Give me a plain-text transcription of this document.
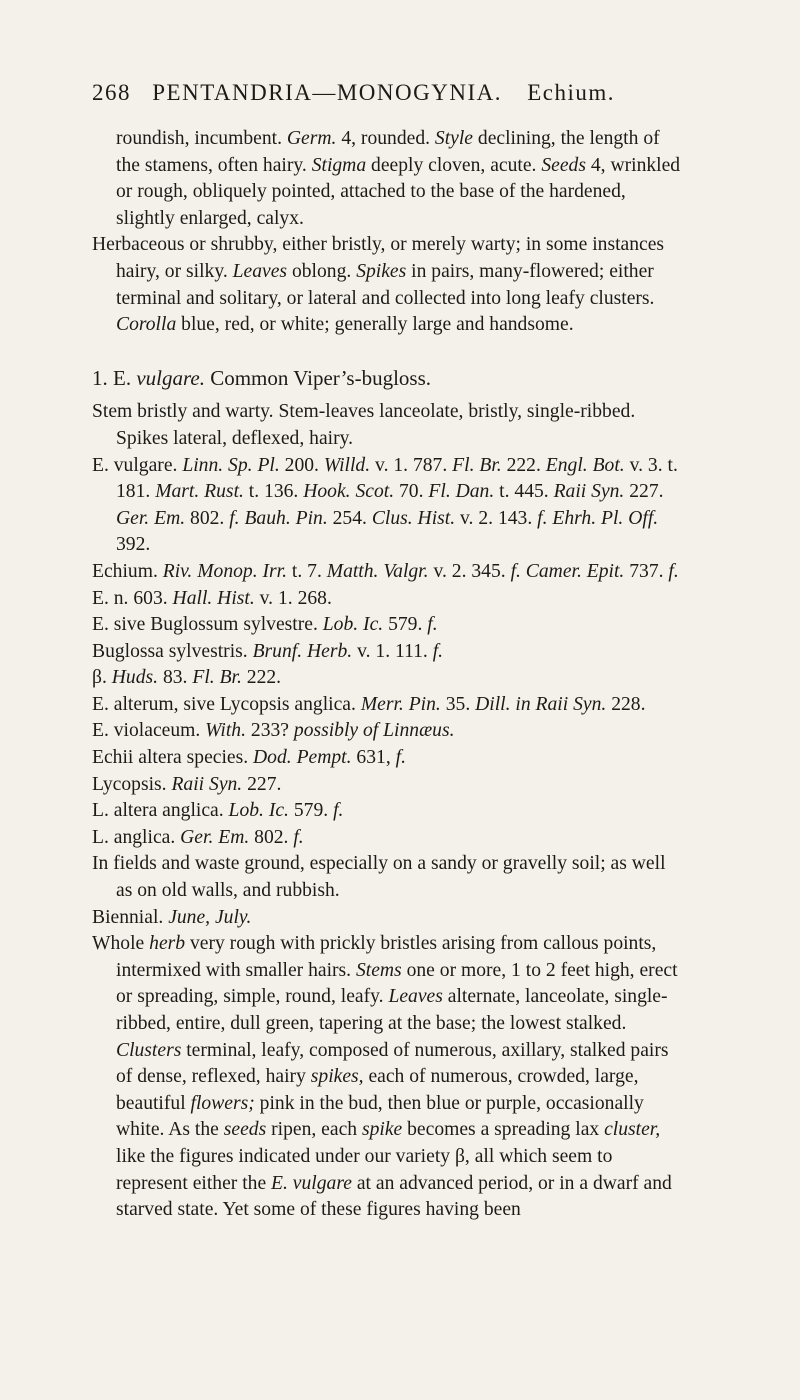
268 PENTANDRIA—MONOGYNIA. Echium.

roundish, incumbent. Germ. 4, rounded. Style declining, the length of the stamens, often hairy. Stigma deeply cloven, acute. Seeds 4, wrinkled or rough, obliquely pointed, attached to the base of the hardened, slightly enlarged, calyx.

Herbaceous or shrubby, either bristly, or merely warty; in some instances hairy, or silky. Leaves oblong. Spikes in pairs, many-flowered; either terminal and solitary, or lateral and collected into long leafy clusters. Corolla blue, red, or white; generally large and handsome.

1. E. vulgare. Common Viper’s-bugloss.

Stem bristly and warty. Stem-leaves lanceolate, bristly, single-ribbed. Spikes lateral, deflexed, hairy.

E. vulgare. Linn. Sp. Pl. 200. Willd. v. 1. 787. Fl. Br. 222. Engl. Bot. v. 3. t. 181. Mart. Rust. t. 136. Hook. Scot. 70. Fl. Dan. t. 445. Raii Syn. 227. Ger. Em. 802. f. Bauh. Pin. 254. Clus. Hist. v. 2. 143. f. Ehrh. Pl. Off. 392.

Echium. Riv. Monop. Irr. t. 7. Matth. Valgr. v. 2. 345. f. Camer. Epit. 737. f.

E. n. 603. Hall. Hist. v. 1. 268.

E. sive Buglossum sylvestre. Lob. Ic. 579. f.

Buglossa sylvestris. Brunf. Herb. v. 1. 111. f.

β. Huds. 83. Fl. Br. 222.

E. alterum, sive Lycopsis anglica. Merr. Pin. 35. Dill. in Raii Syn. 228.

E. violaceum. With. 233? possibly of Linnæus.

Echii altera species. Dod. Pempt. 631, f.

Lycopsis. Raii Syn. 227.

L. altera anglica. Lob. Ic. 579. f.

L. anglica. Ger. Em. 802. f.

In fields and waste ground, especially on a sandy or gravelly soil; as well as on old walls, and rubbish.

Biennial. June, July.

Whole herb very rough with prickly bristles arising from callous points, intermixed with smaller hairs. Stems one or more, 1 to 2 feet high, erect or spreading, simple, round, leafy. Leaves alternate, lanceolate, single-ribbed, entire, dull green, tapering at the base; the lowest stalked. Clusters terminal, leafy, composed of numerous, axillary, stalked pairs of dense, reflexed, hairy spikes, each of numerous, crowded, large, beautiful flowers; pink in the bud, then blue or purple, occasionally white. As the seeds ripen, each spike becomes a spreading lax cluster, like the figures indicated under our variety β, all which seem to represent either the E. vulgare at an advanced period, or in a dwarf and starved state. Yet some of these figures having been
